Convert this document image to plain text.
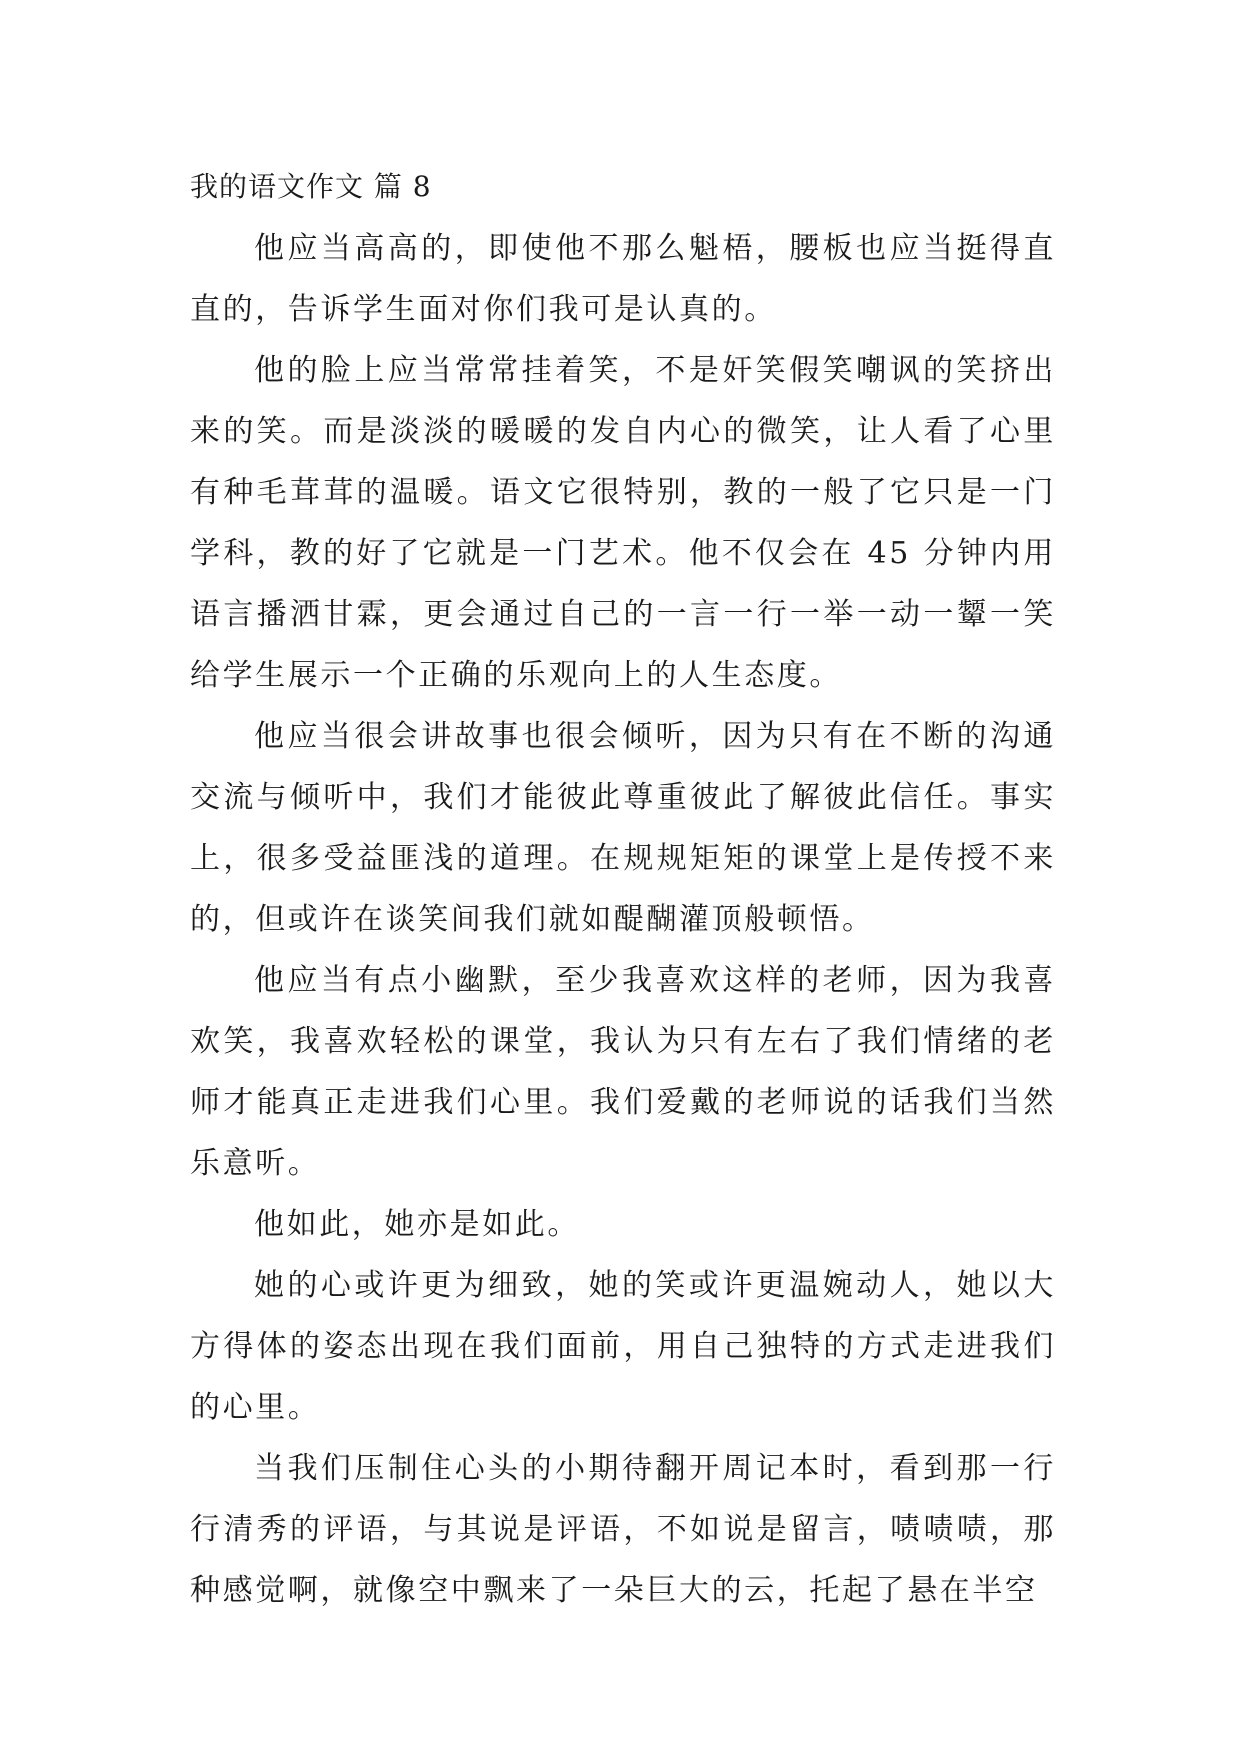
我的语文作文 篇 8

他应当高高的，即使他不那么魁梧，腰板也应当挺得直直的，告诉学生面对你们我可是认真的。

他的脸上应当常常挂着笑，不是奸笑假笑嘲讽的笑挤出来的笑。而是淡淡的暖暖的发自内心的微笑，让人看了心里有种毛茸茸的温暖。语文它很特别，教的一般了它只是一门学科，教的好了它就是一门艺术。他不仅会在 45 分钟内用语言播洒甘霖，更会通过自己的一言一行一举一动一颦一笑给学生展示一个正确的乐观向上的人生态度。

他应当很会讲故事也很会倾听，因为只有在不断的沟通交流与倾听中，我们才能彼此尊重彼此了解彼此信任。事实上，很多受益匪浅的道理。在规规矩矩的课堂上是传授不来的，但或许在谈笑间我们就如醍醐灌顶般顿悟。

他应当有点小幽默，至少我喜欢这样的老师，因为我喜欢笑，我喜欢轻松的课堂，我认为只有左右了我们情绪的老师才能真正走进我们心里。我们爱戴的老师说的话我们当然乐意听。

他如此，她亦是如此。

她的心或许更为细致，她的笑或许更温婉动人，她以大方得体的姿态出现在我们面前，用自己独特的方式走进我们的心里。

当我们压制住心头的小期待翻开周记本时，看到那一行行清秀的评语，与其说是评语，不如说是留言，啧啧啧，那种感觉啊，就像空中飘来了一朵巨大的云，托起了悬在半空
